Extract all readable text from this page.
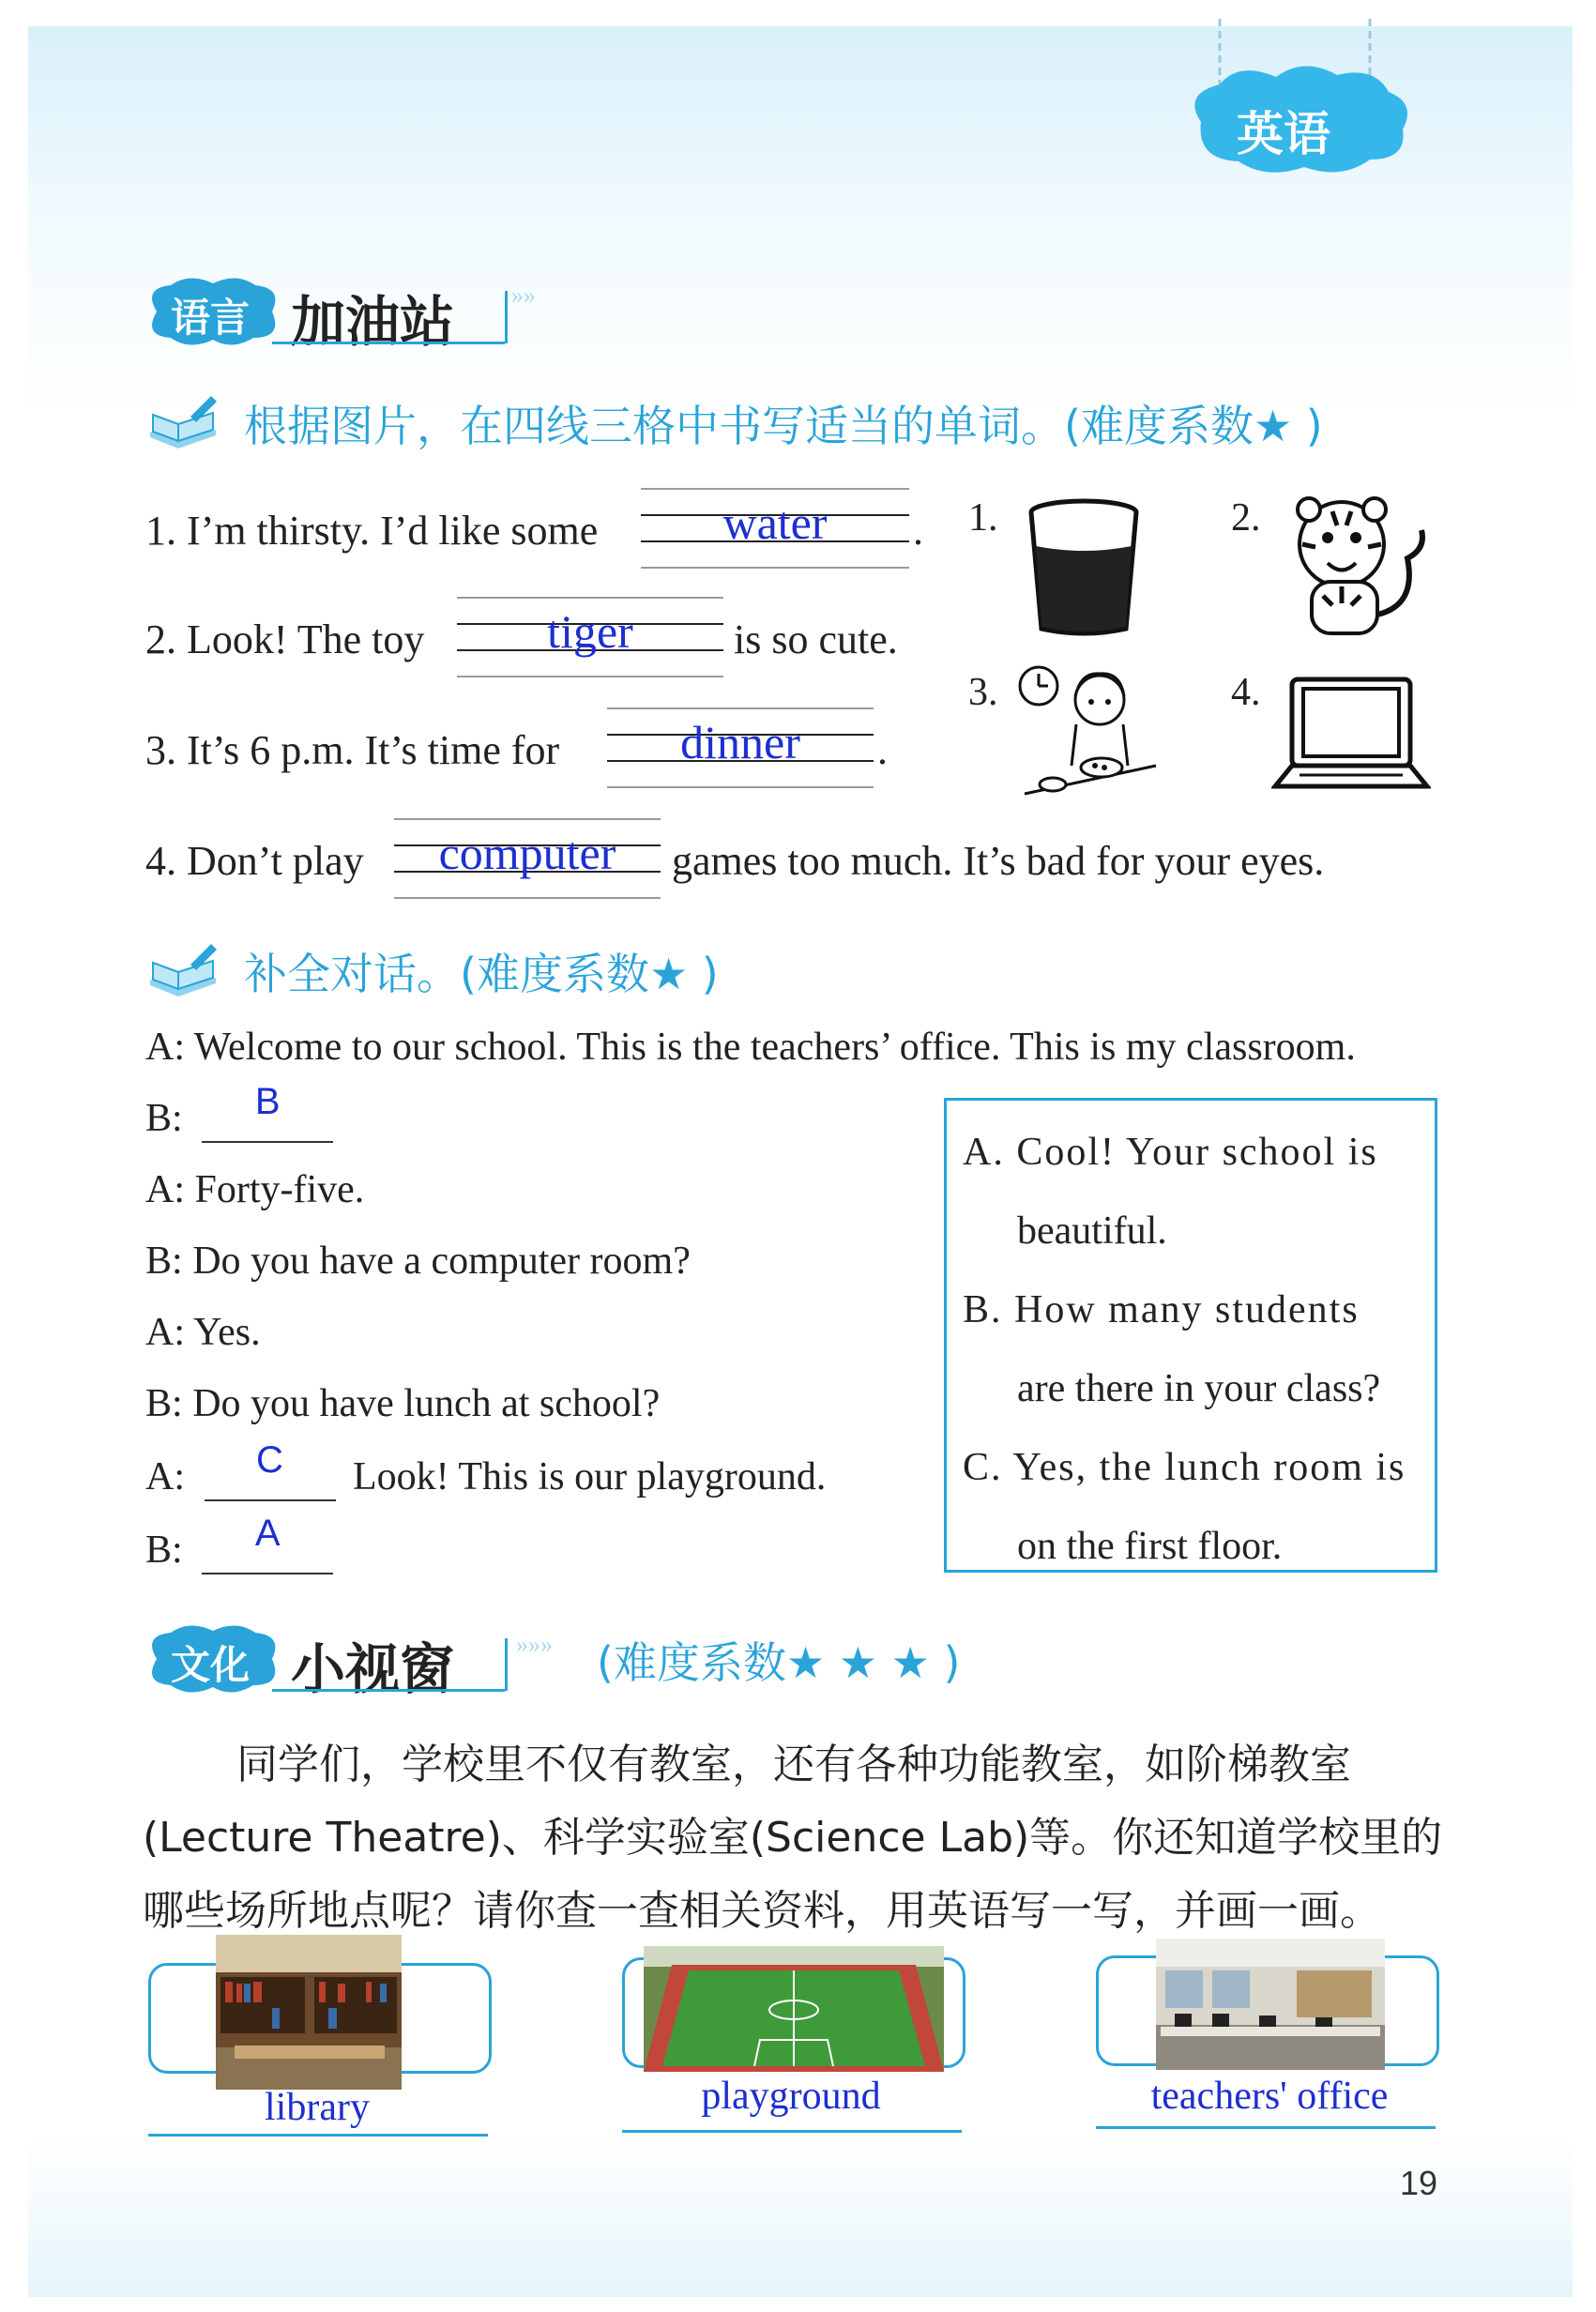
英语
语言 加油站 »»
根据图片，在四线三格中书写适当的单词。(难度系数★ )
1. I’m thirsty. I’d like some	water	.
2. Look! The toy	tiger	is so cute.
3. It’s 6 p.m. It’s time for	dinner	.
4. Don’t play	computer	games too much. It’s bad for your eyes.
1.	2.
3.	4.
补全对话。(难度系数★ )
A: Welcome to our school. This is the teachers’ office. This is my classroom.
B: B
A: Forty-five.
B: Do you have a computer room?
A: Yes.
B: Do you have lunch at school?
A: C Look! This is our playground.
B: A
A. Cool! Your school is
beautiful.
B. How many students
are there in your class?
C. Yes, the lunch room is
on the first floor.
文化 小视窗	»»» (难度系数★ ★ ★ )
同学们，学校里不仅有教室，还有各种功能教室，如阶梯教室
(Lecture Theatre)、科学实验室(Science Lab)等。你还知道学校里的
哪些场所地点呢？请你查一查相关资料，用英语写一写，并画一画。
library	playground	teachers' office
19
